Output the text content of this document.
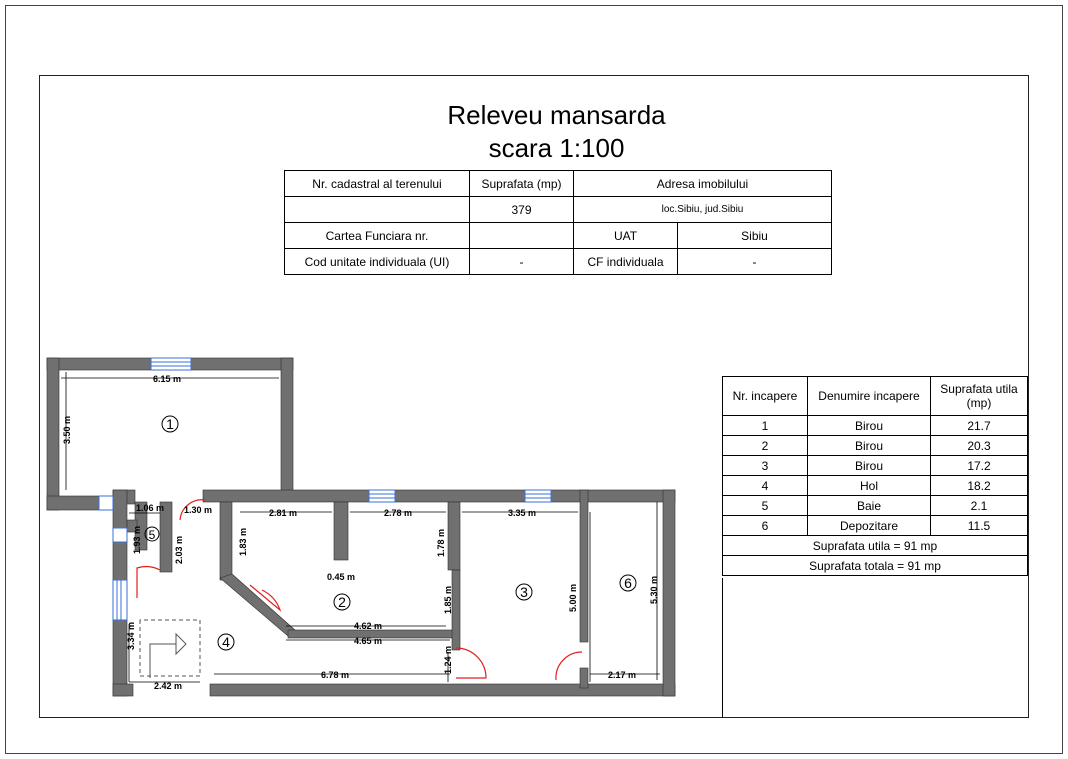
Releveu mansarda
scara 1:100
Nr. cadastral al terenului	Suprafata (mp)	Adresa imobilului	
	379	loc.Sibiu, jud.Sibiu	
Cartea Funciara nr.		UAT	Sibiu
Cod unitate individuala (UI)	-	CF individuala	-
Nr. incapere	Denumire incapere	Suprafata utila (mp)
1	Birou	21.7
2	Birou	20.3
3	Birou	17.2
4	Hol	18.2
5	Baie	2.1
6	Depozitare	11.5
Suprafata utila = 91 mp		
Suprafata totala = 91 mp		
6.15 m
3.50 m
1.06 m 1.30 m	2.81 m	2.78 m	3.35 m
1.93 m	2.03 m	1.83 m	1.78 m
0.45 m
5.00 m	5.30 m
1.85 m
4.62 m
4.65 m
3.34 m
1.24 m
2.42 m
6.78 m	2.17 m
1
2
3
4
5
6
